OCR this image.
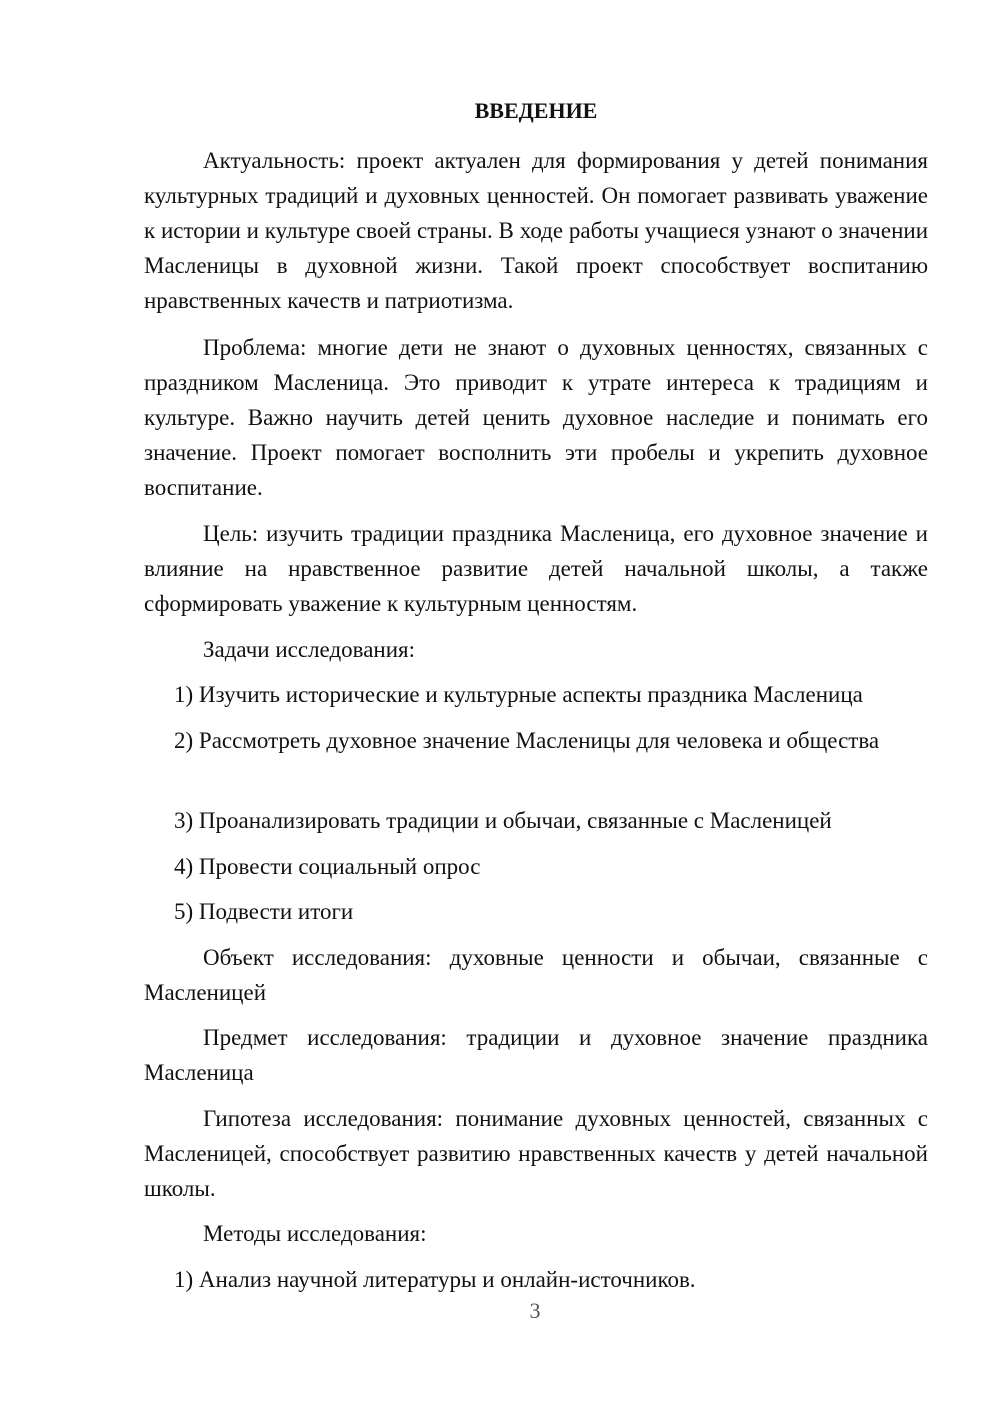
ВВЕДЕНИЕ

Актуальность: проект актуален для формирования у детей понимания культурных традиций и духовных ценностей. Он помогает развивать уважение к истории и культуре своей страны. В ходе работы учащиеся узнают о значении Масленицы в духовной жизни. Такой проект способствует воспитанию нравственных качеств и патриотизма.

Проблема: многие дети не знают о духовных ценностях, связанных с праздником Масленица. Это приводит к утрате интереса к традициям и культуре. Важно научить детей ценить духовное наследие и понимать его значение. Проект помогает восполнить эти пробелы и укрепить духовное воспитание.

Цель: изучить традиции праздника Масленица, его духовное значение и влияние на нравственное развитие детей начальной школы, а также сформировать уважение к культурным ценностям.

Задачи исследования:

1) Изучить исторические и культурные аспекты праздника Масленица

2) Рассмотреть духовное значение Масленицы для человека и общества

3) Проанализировать традиции и обычаи, связанные с Масленицей

4) Провести социальный опрос

5) Подвести итоги

Объект исследования: духовные ценности и обычаи, связанные с Масленицей

Предмет исследования: традиции и духовное значение праздника Масленица

Гипотеза исследования: понимание духовных ценностей, связанных с Масленицей, способствует развитию нравственных качеств у детей начальной школы.

Методы исследования:

1) Анализ научной литературы и онлайн-источников.

3
